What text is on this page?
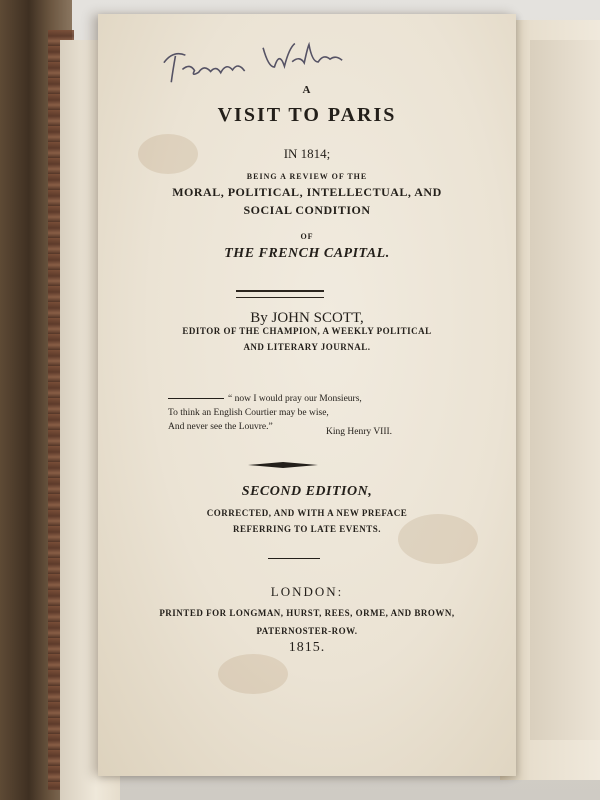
A
VISIT TO PARIS
IN 1814;
BEING A REVIEW OF THE
MORAL, POLITICAL, INTELLECTUAL, AND
SOCIAL CONDITION
OF
THE FRENCH CAPITAL.
By JOHN SCOTT,
EDITOR OF THE CHAMPION, A WEEKLY POLITICAL
AND LITERARY JOURNAL.
“ now I would pray our Monsieurs,
To think an English Courtier may be wise,
And never see the Louvre.”	King Henry VIII.
SECOND EDITION,
CORRECTED, AND WITH A NEW PREFACE
REFERRING TO LATE EVENTS.
LONDON:
PRINTED FOR LONGMAN, HURST, REES, ORME, AND BROWN,
PATERNOSTER-ROW.
1815.
